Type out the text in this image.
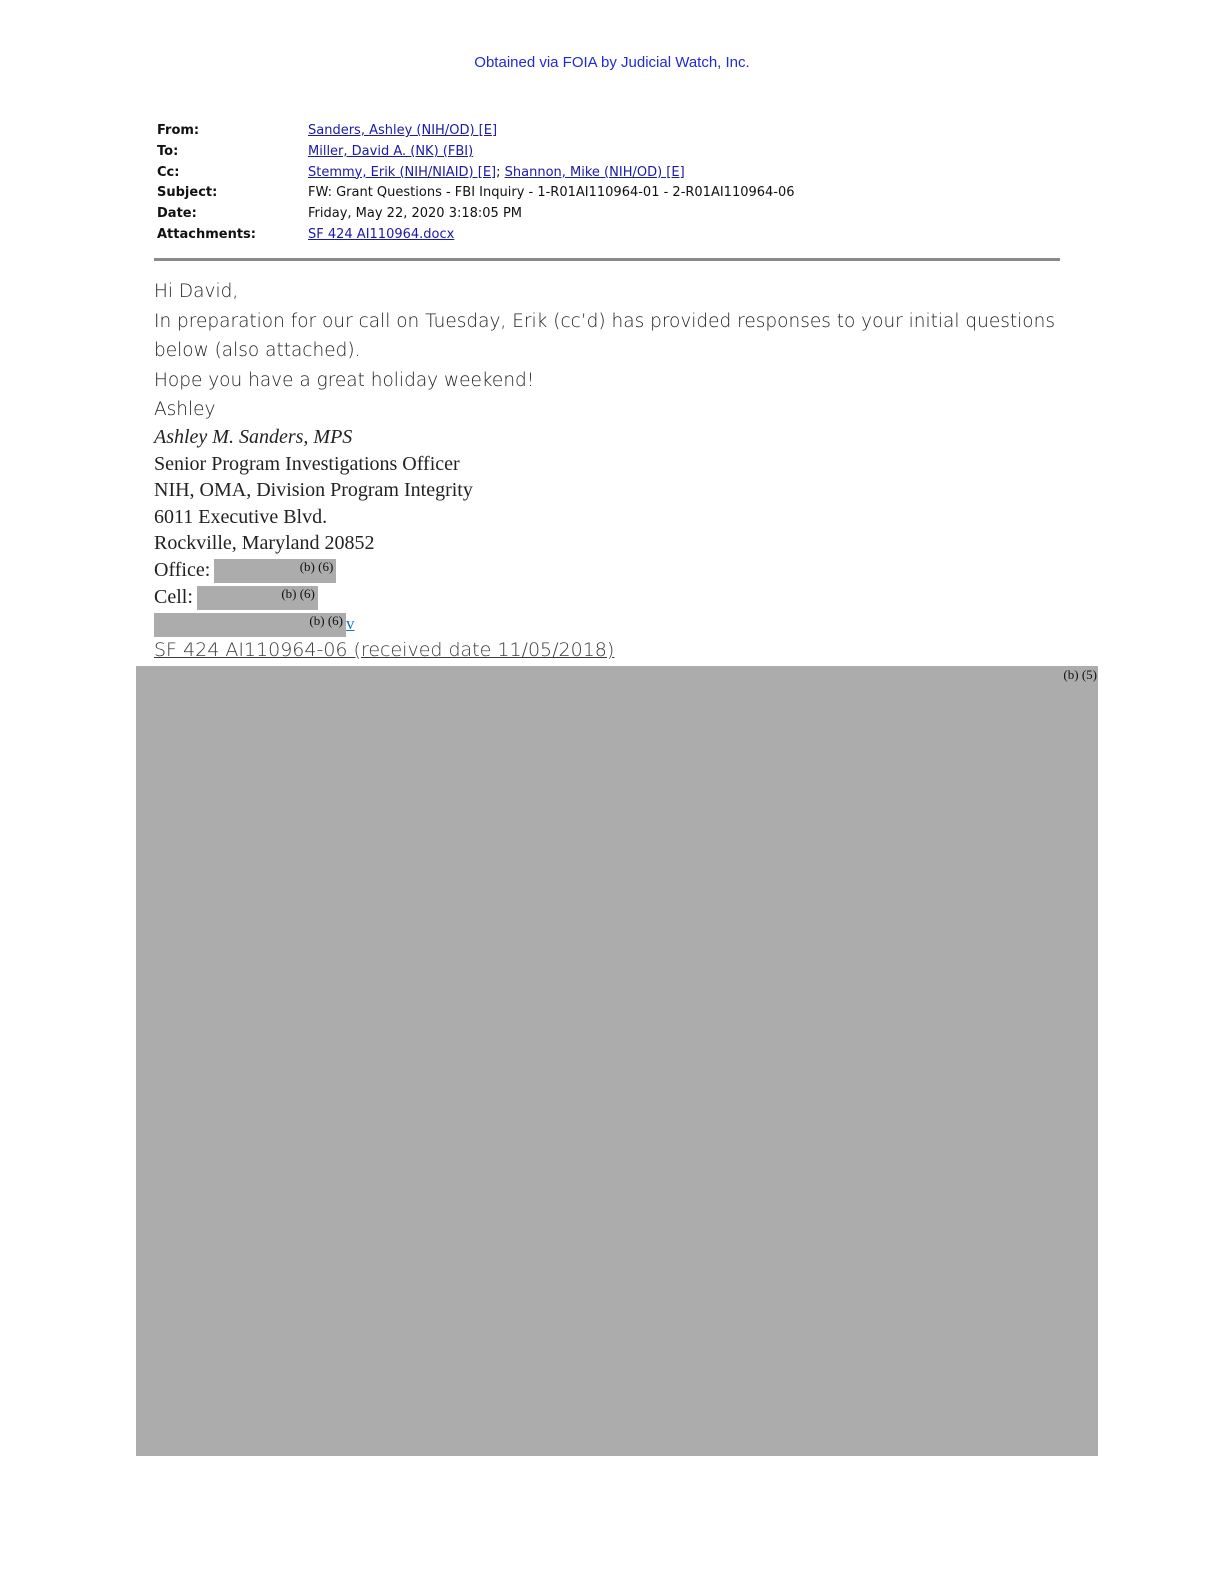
Obtained via FOIA by Judicial Watch, Inc.
From:	Sanders, Ashley (NIH/OD) [E]
To:	Miller, David A. (NK) (FBI)
Cc:	Stemmy, Erik (NIH/NIAID) [E]; Shannon, Mike (NIH/OD) [E]
Subject:	FW: Grant Questions - FBI Inquiry - 1-R01AI110964-01 - 2-R01AI110964-06
Date:	Friday, May 22, 2020 3:18:05 PM
Attachments:	SF 424 AI110964.docx
Hi David,
In preparation for our call on Tuesday, Erik (cc’d) has provided responses to your initial questions
below (also attached).
Hope you have a great holiday weekend!
Ashley
Ashley M. Sanders, MPS
Senior Program Investigations Officer
NIH, OMA, Division Program Integrity
6011 Executive Blvd.
Rockville, Maryland 20852
Office:	(b) (6)
Cell:	(b) (6)
(b) (6) v
SF 424 AI110964-06 (received date 11/05/2018)
(b) (5)
